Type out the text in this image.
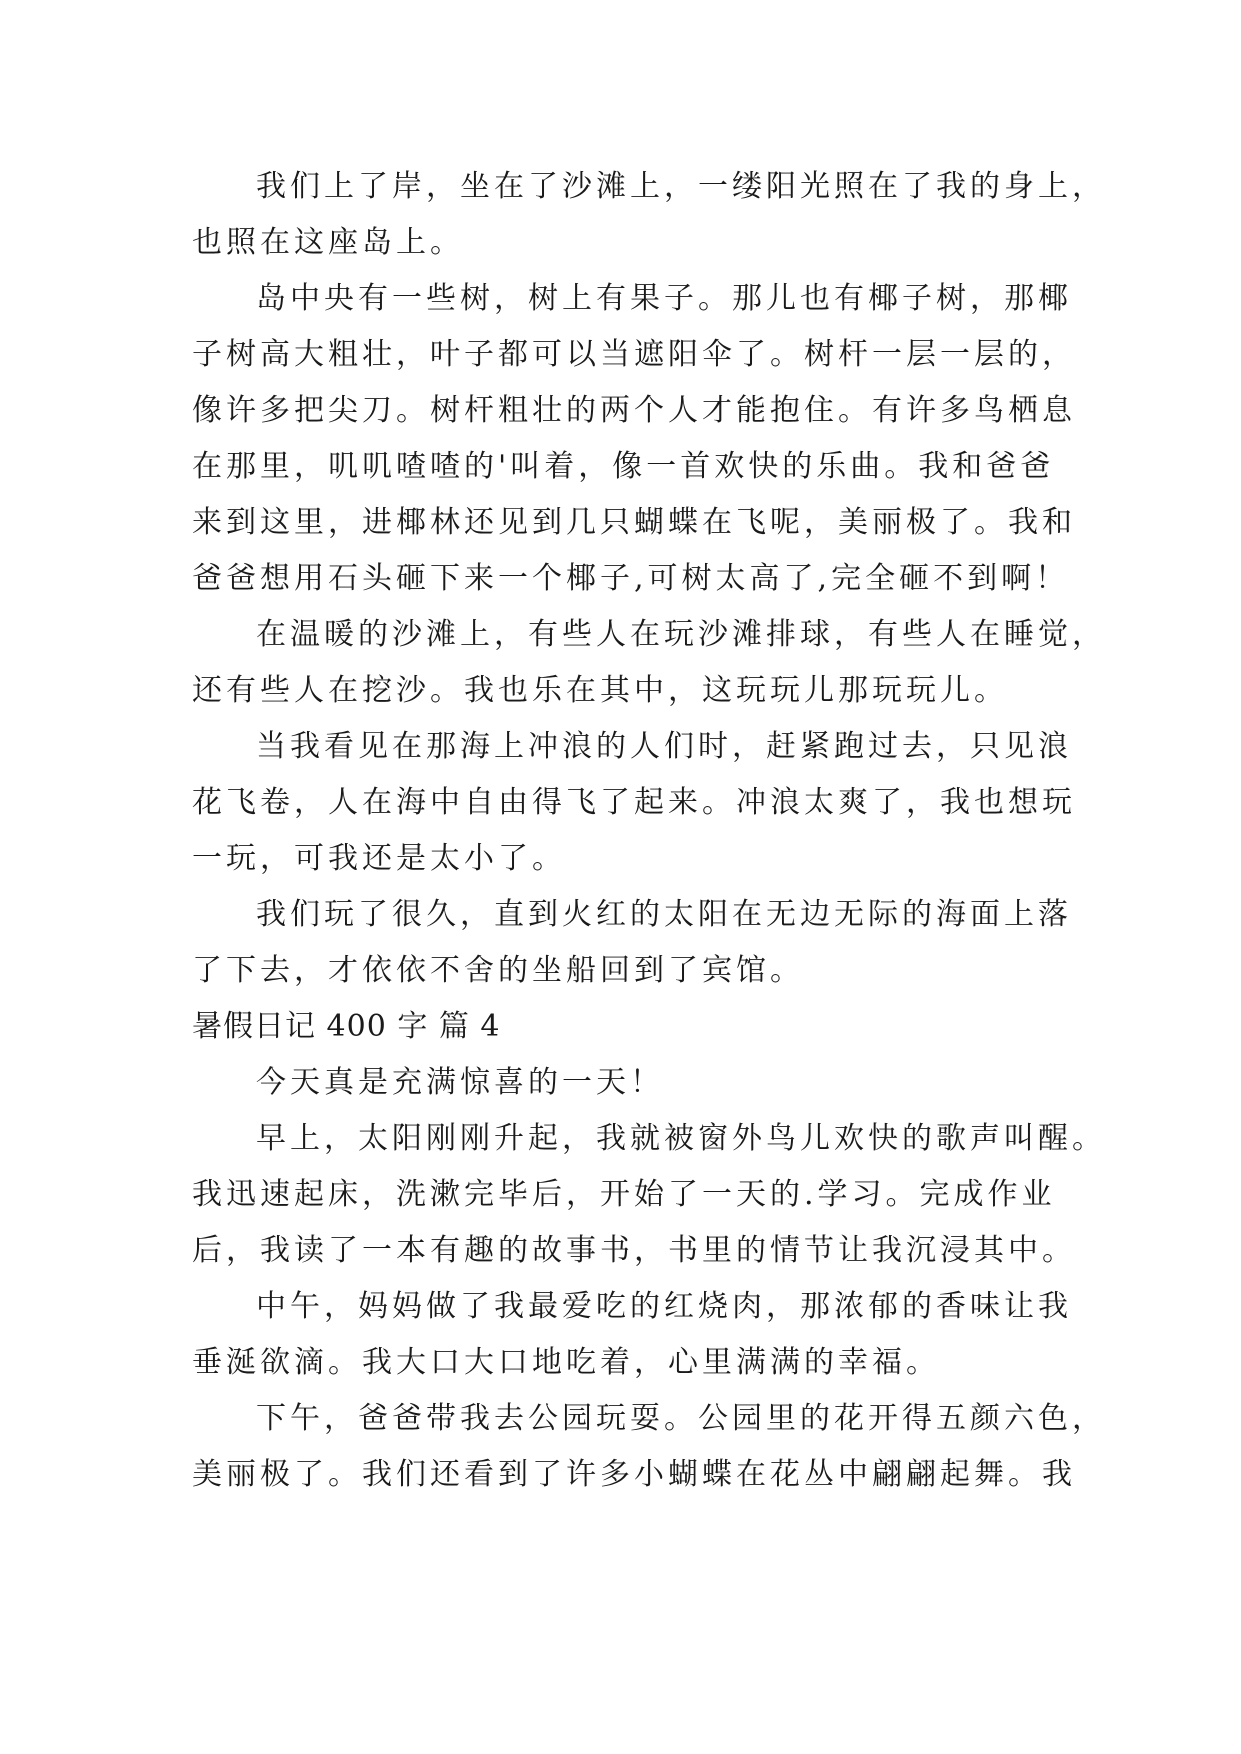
我们上了岸，坐在了沙滩上，一缕阳光照在了我的身上，
也照在这座岛上。
岛中央有一些树，树上有果子。那儿也有椰子树，那椰
子树高大粗壮，叶子都可以当遮阳伞了。树杆一层一层的，
像许多把尖刀。树杆粗壮的两个人才能抱住。有许多鸟栖息
在那里，叽叽喳喳的'叫着，像一首欢快的乐曲。我和爸爸
来到这里，进椰林还见到几只蝴蝶在飞呢，美丽极了。我和
爸爸想用石头砸下来一个椰子,可树太高了,完全砸不到啊！
在温暖的沙滩上，有些人在玩沙滩排球，有些人在睡觉，
还有些人在挖沙。我也乐在其中，这玩玩儿那玩玩儿。
当我看见在那海上冲浪的人们时，赶紧跑过去，只见浪
花飞卷，人在海中自由得飞了起来。冲浪太爽了，我也想玩
一玩，可我还是太小了。
我们玩了很久，直到火红的太阳在无边无际的海面上落
了下去，才依依不舍的坐船回到了宾馆。
暑假日记 400 字 篇 4
今天真是充满惊喜的一天！
早上，太阳刚刚升起，我就被窗外鸟儿欢快的歌声叫醒。
我迅速起床，洗漱完毕后，开始了一天的.学习。完成作业
后，我读了一本有趣的故事书，书里的情节让我沉浸其中。
中午，妈妈做了我最爱吃的红烧肉，那浓郁的香味让我
垂涎欲滴。我大口大口地吃着，心里满满的幸福。
下午，爸爸带我去公园玩耍。公园里的花开得五颜六色，
美丽极了。我们还看到了许多小蝴蝶在花丛中翩翩起舞。我
